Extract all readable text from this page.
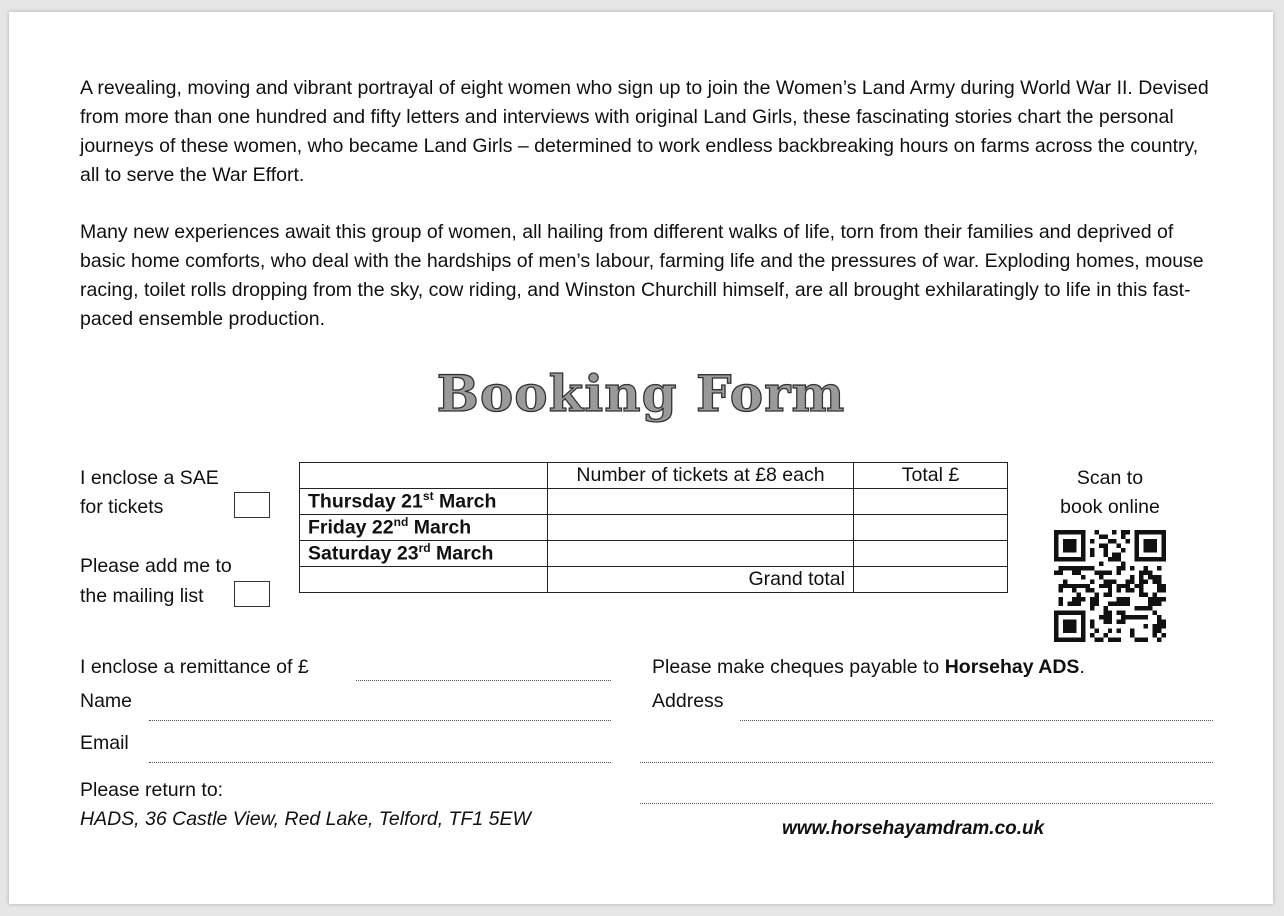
A revealing, moving and vibrant portrayal of eight women who sign up to join the Women’s Land Army during World War II. Devised from more than one hundred and fifty letters and interviews with original Land Girls, these fascinating stories chart the personal journeys of these women, who became Land Girls – determined to work endless backbreaking hours on farms across the country, all to serve the War Effort.

Many new experiences await this group of women, all hailing from different walks of life, torn from their families and deprived of basic home comforts, who deal with the hardships of men’s labour, farming life and the pressures of war. Exploding homes, mouse racing, toilet rolls dropping from the sky, cow riding, and Winston Churchill himself, are all brought exhilaratingly to life in this fast-paced ensemble production.

Booking Form
I enclose a SAE
for tickets
Please add me to
the mailing list
	Number of tickets at £8 each	Total £
Thursday 21st March		
Friday 22nd March		
Saturday 23rd March		
	Grand total	
Scan to
book online
I enclose a remittance of £	Please make cheques payable to Horsehay ADS.
Name	Address
Email
Please return to:
HADS, 36 Castle View, Red Lake, Telford, TF1 5EW	www.horsehayamdram.co.uk
